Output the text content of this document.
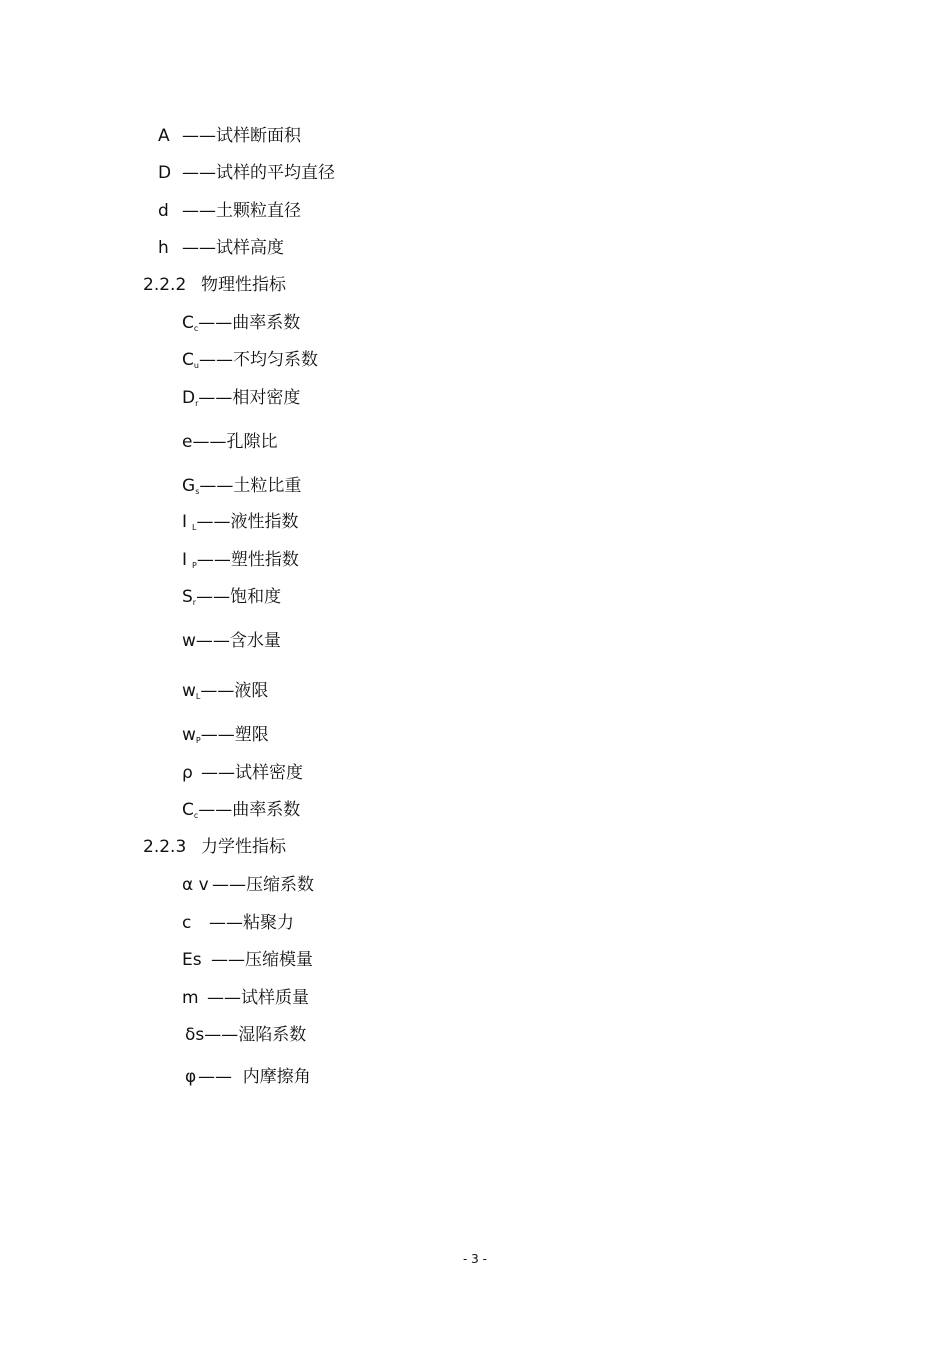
A ——试样断面积
D ——试样的平均直径
d ——土颗粒直径
h ——试样高度
2.2.2 物理性指标
$C_c——$曲率系数
$C_u——$不均匀系数
$D_r——$相对密度
e——孔隙比
$G_s——$土粒比重
I $_L$——液性指数
I $_P$——塑性指数
$S_r——$饱和度
w——含水量
$w_L——$液限
$w_P——$塑限
ρ ——试样密度
$C_c——$曲率系数
2.2.3 力学性指标
α v ——压缩系数
c ——粘聚力
Es ——压缩模量
m ——试样质量
δs——湿陷系数
φ ——  内摩擦角
- 3 -
